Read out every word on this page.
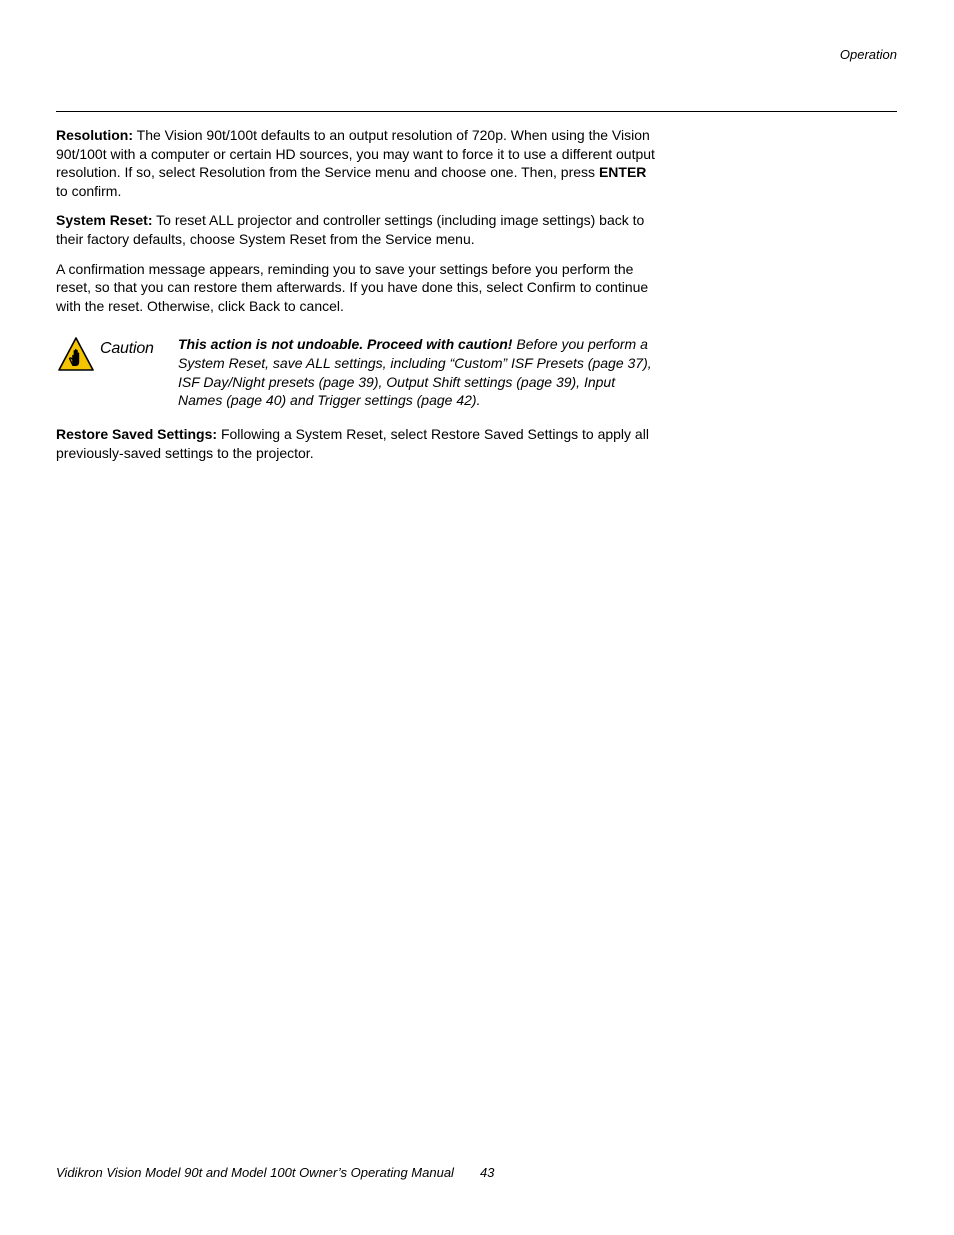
Operation

Resolution: The Vision 90t/100t defaults to an output resolution of 720p. When using the Vision 90t/100t with a computer or certain HD sources, you may want to force it to use a different output resolution. If so, select Resolution from the Service menu and choose one. Then, press ENTER to confirm.

System Reset: To reset ALL projector and controller settings (including image settings) back to their factory defaults, choose System Reset from the Service menu.

A confirmation message appears, reminding you to save your settings before you perform the reset, so that you can restore them afterwards. If you have done this, select Confirm to continue with the reset. Otherwise, click Back to cancel.

Caution This action is not undoable. Proceed with caution! Before you perform a System Reset, save ALL settings, including “Custom” ISF Presets (page 37), ISF Day/Night presets (page 39), Output Shift settings (page 39), Input Names (page 40) and Trigger settings (page 42).

Restore Saved Settings: Following a System Reset, select Restore Saved Settings to apply all previously-saved settings to the projector.

Vidikron Vision Model 90t and Model 100t Owner’s Operating Manual 43
